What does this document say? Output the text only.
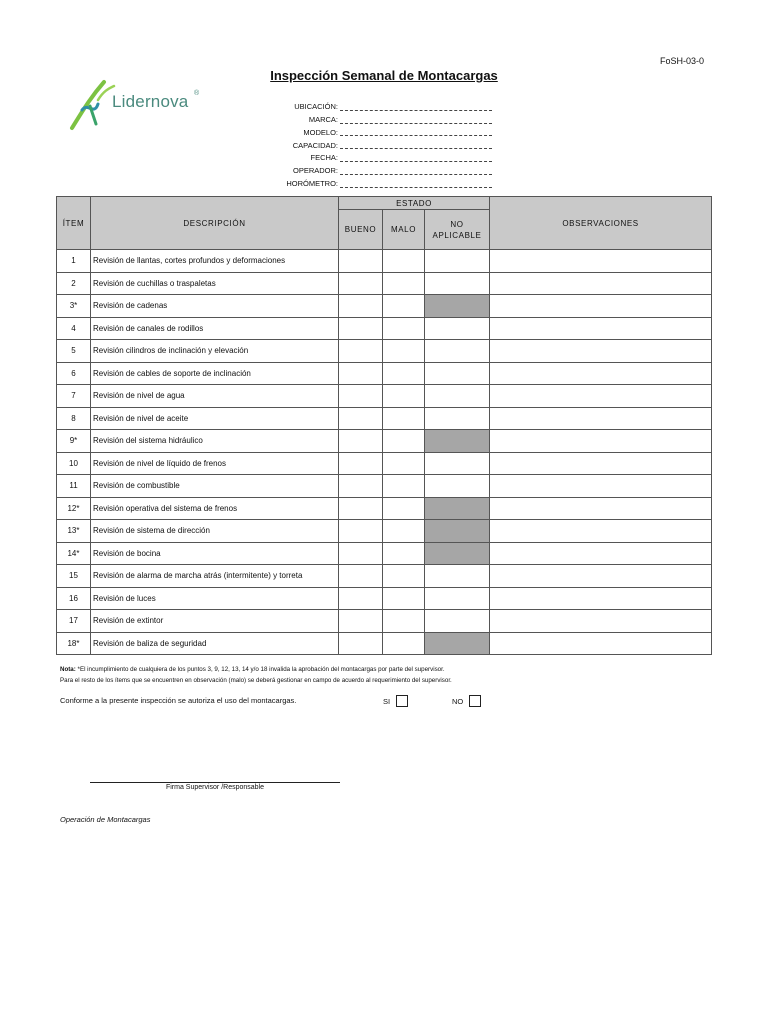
FoSH-03-0
Inspección Semanal de Montacargas
Lidernova ®
UBICACIÓN:
MARCA:
MODELO:
CAPACIDAD:
FECHA:
OPERADOR:
HORÓMETRO:
ÍTEM	DESCRIPCIÓN	ESTADO			OBSERVACIONES
		BUENO	MALO	NO APLICABLE	
1	Revisión de llantas, cortes profundos y deformaciones				
2	Revisión de cuchillas o traspaletas				
3*	Revisión de cadenas				
4	Revisión de canales de rodillos				
5	Revisión cilindros de inclinación y elevación				
6	Revisión de cables de soporte de inclinación				
7	Revisión de nivel de agua				
8	Revisión de nivel de aceite				
9*	Revisión del sistema hidráulico				
10	Revisión de nivel de líquido de frenos				
11	Revisión de combustible				
12*	Revisión operativa del sistema de frenos				
13*	Revisión de sistema de dirección				
14*	Revisión de bocina				
15	Revisión de alarma de marcha atrás (intermitente) y torreta				
16	Revisión de luces				
17	Revisión de extintor				
18*	Revisión de baliza de seguridad				
Nota: *El incumplimiento de cualquiera de los puntos 3, 9, 12, 13, 14 y/o 18 invalida la aprobación del montacargas por parte del supervisor.
Para el resto de los ítems que se encuentren en observación (malo) se deberá gestionar en campo de acuerdo al requerimiento del supervisor.
Conforme a la presente inspección se autoriza el uso del montacargas.	SI	NO
Firma Supervisor /Responsable
Operación de Montacargas
